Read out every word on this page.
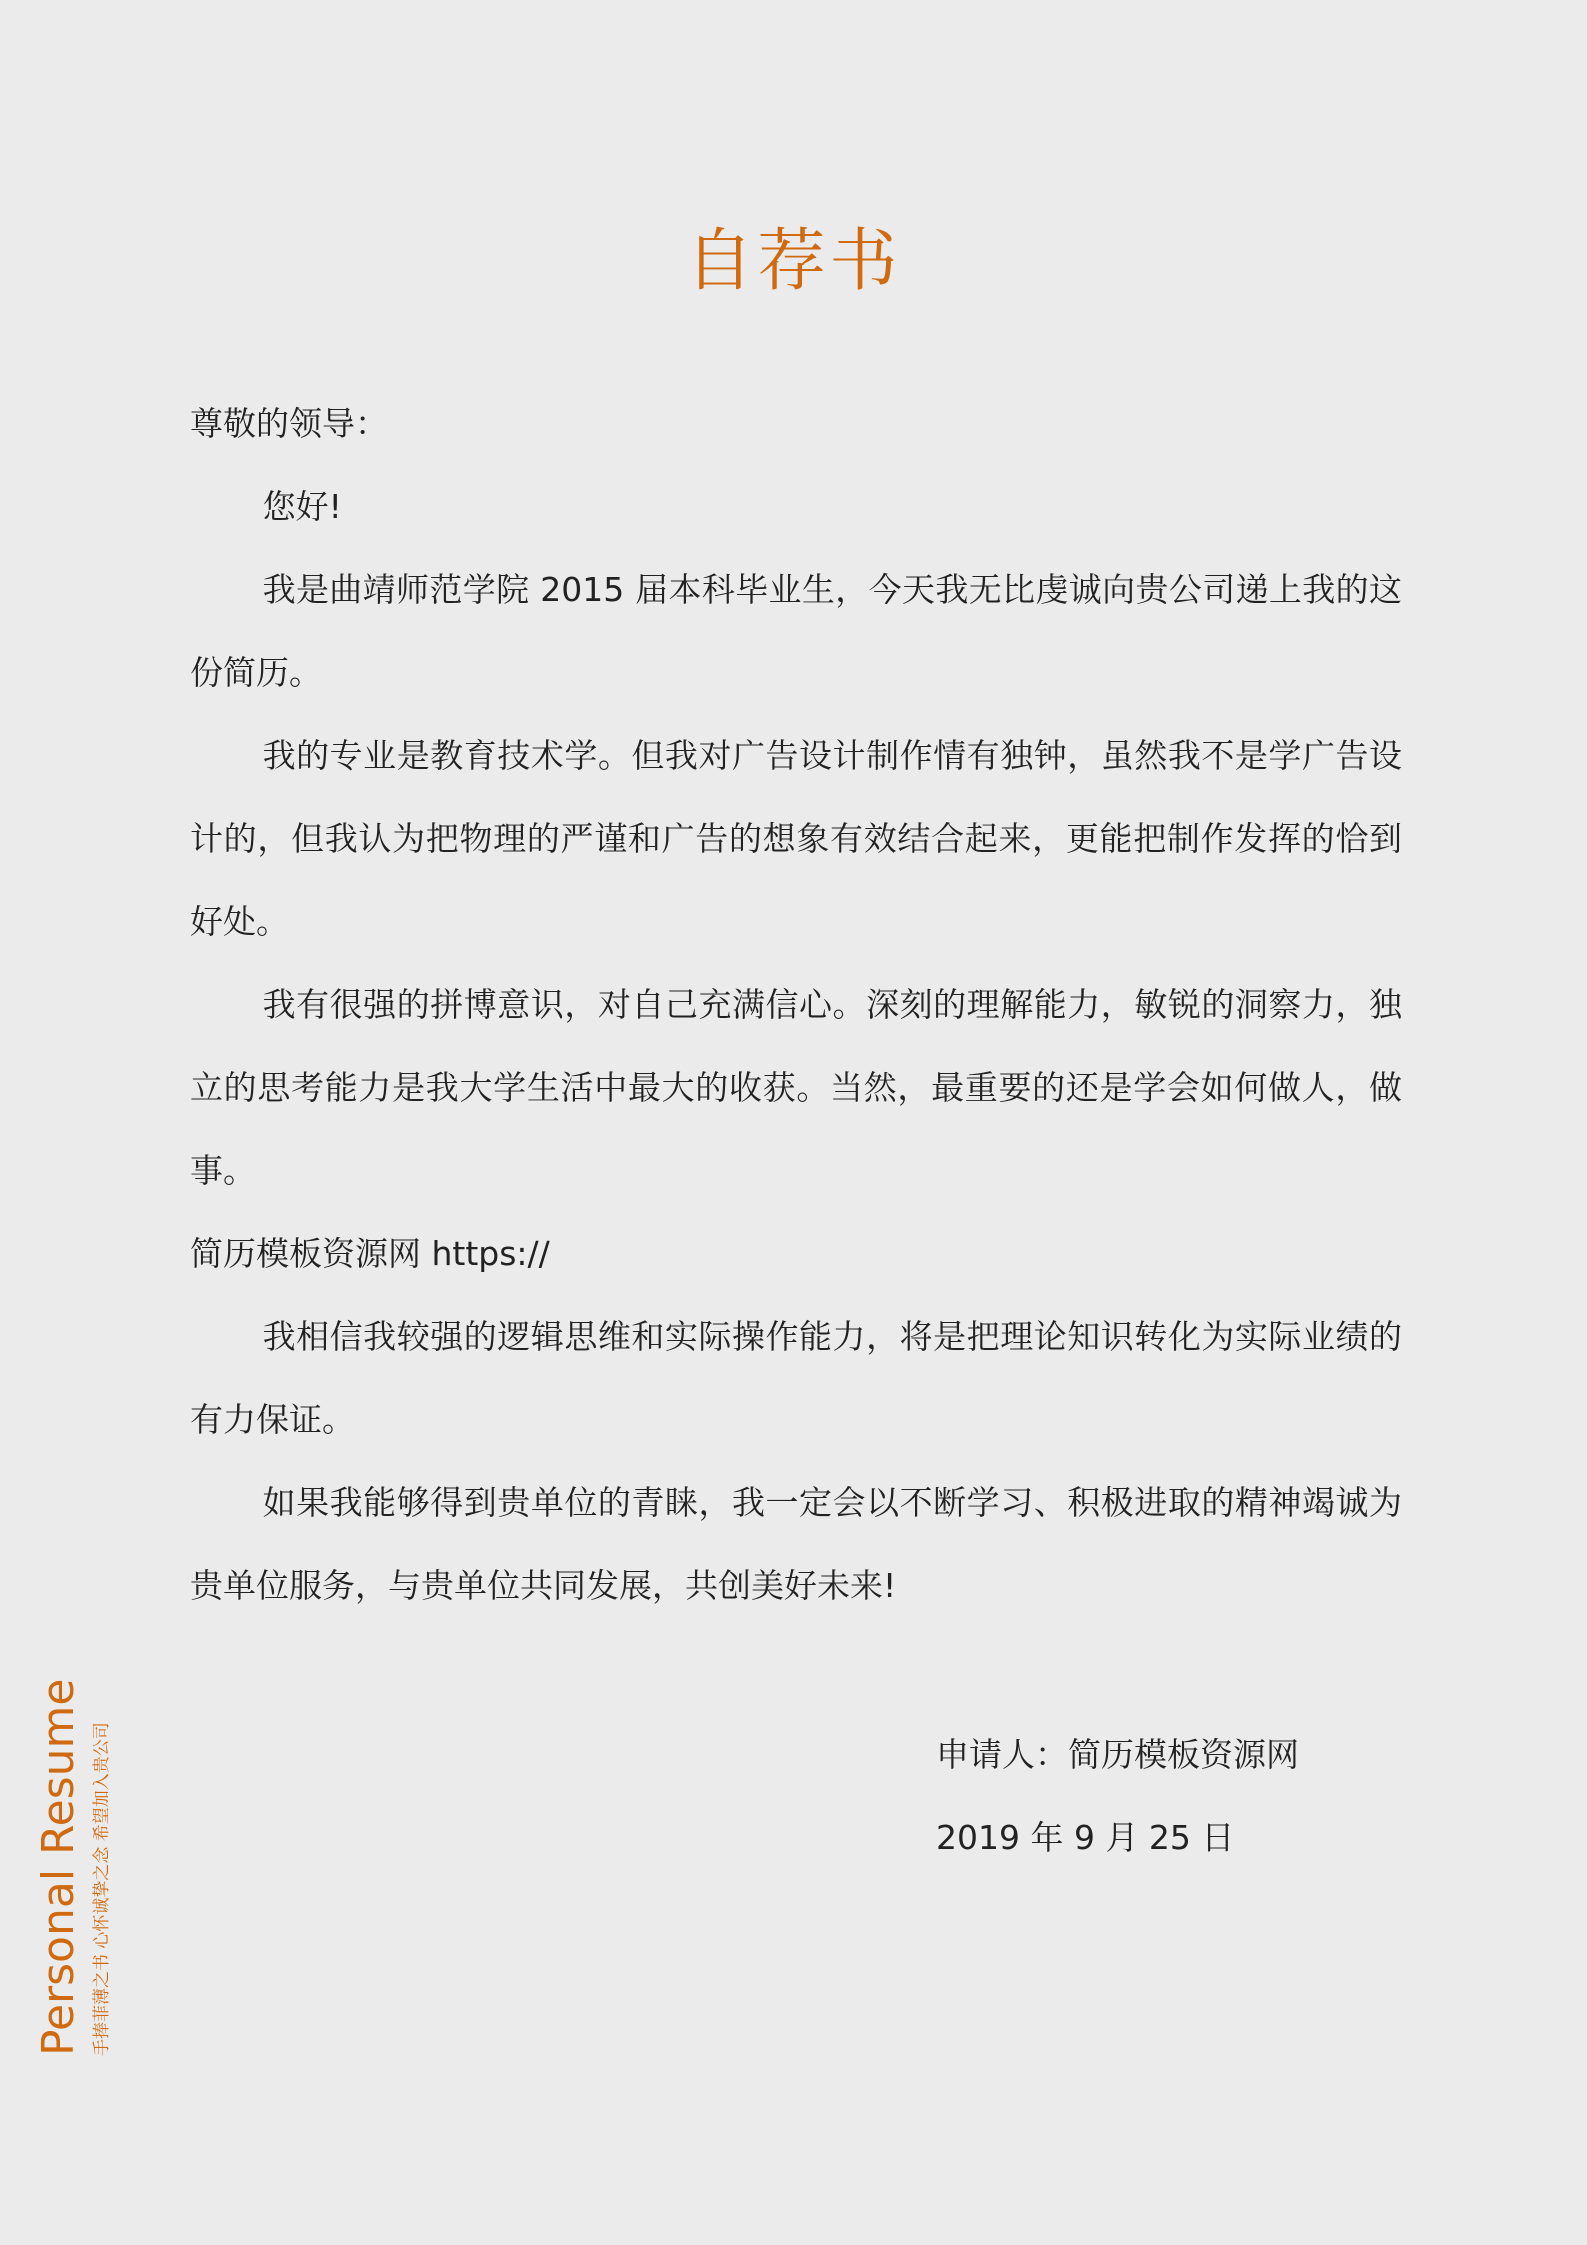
自荐书

尊敬的领导：

您好!

我是曲靖师范学院 2015 届本科毕业生，今天我无比虔诚向贵公司递上我的这份简历。

我的专业是教育技术学。但我对广告设计制作情有独钟，虽然我不是学广告设计的，但我认为把物理的严谨和广告的想象有效结合起来，更能把制作发挥的恰到好处。

我有很强的拼博意识，对自己充满信心。深刻的理解能力，敏锐的洞察力，独立的思考能力是我大学生活中最大的收获。当然，最重要的还是学会如何做人，做事。

简历模板资源网 https://

我相信我较强的逻辑思维和实际操作能力，将是把理论知识转化为实际业绩的有力保证。

如果我能够得到贵单位的青睐，我一定会以不断学习、积极进取的精神竭诚为贵单位服务，与贵单位共同发展，共创美好未来!

申请人：简历模板资源网
2019 年 9 月 25 日
Personal Resume 手捧菲薄之书 心怀诚挚之念 希望加入贵公司
